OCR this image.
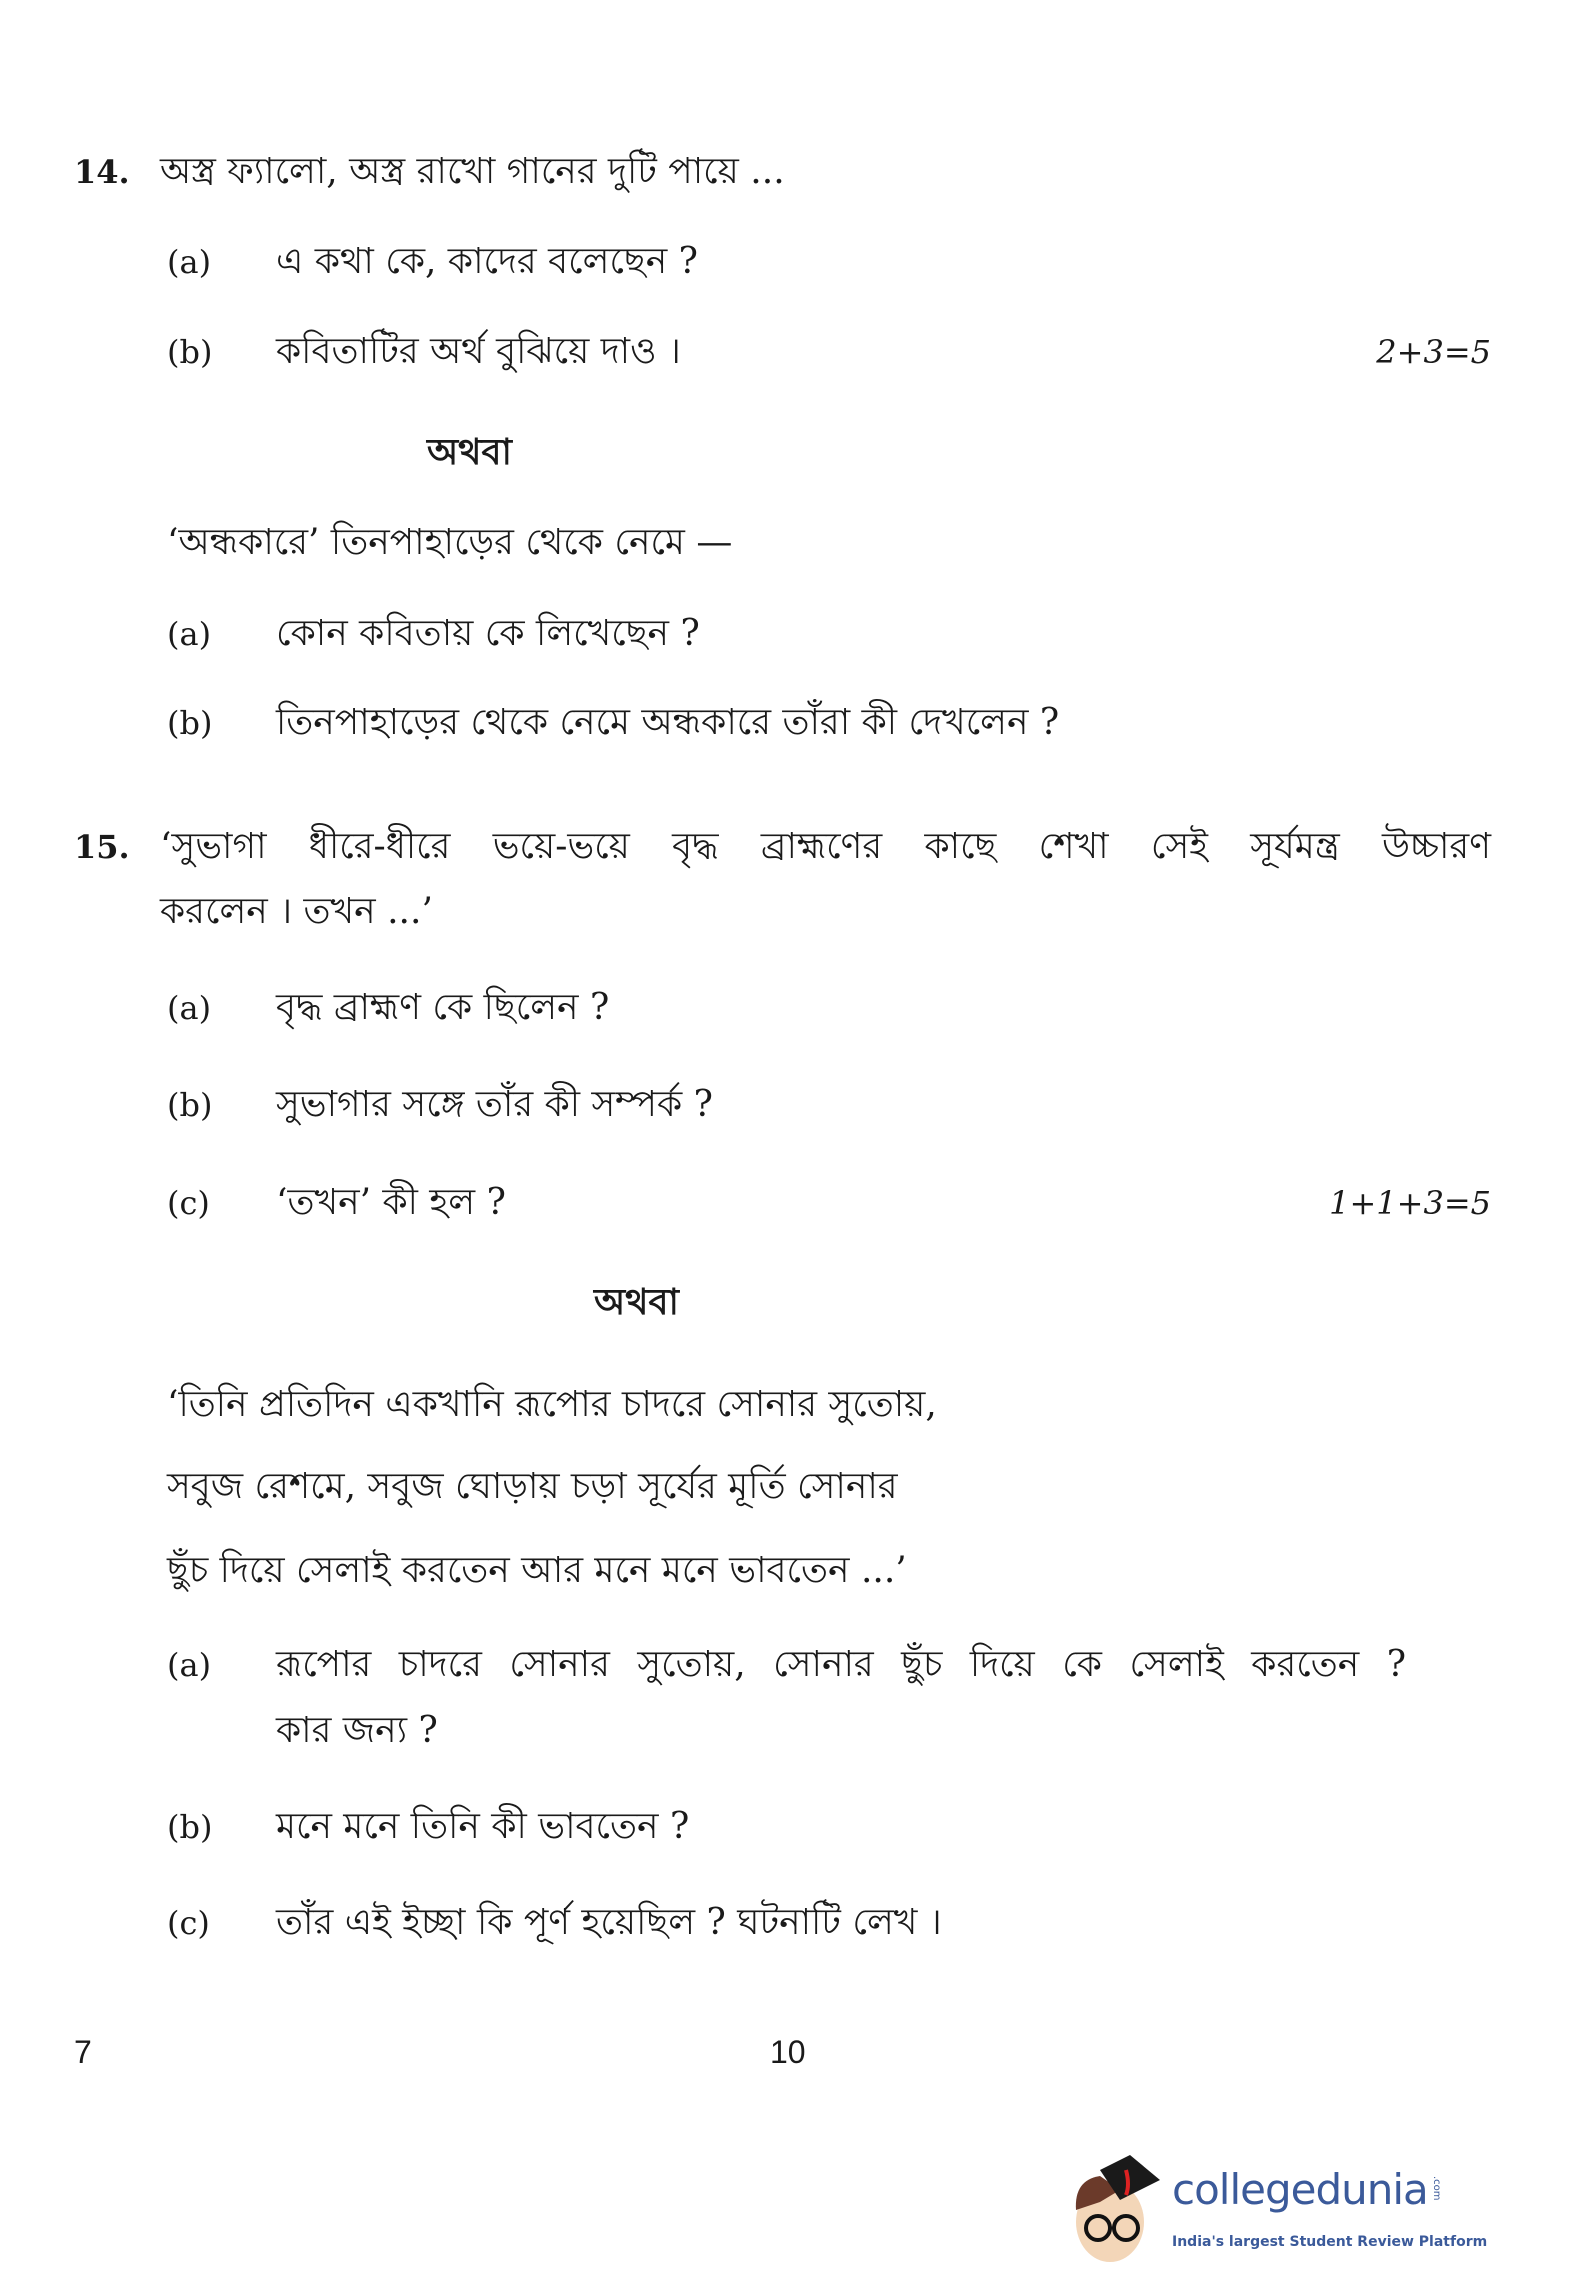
14. অস্ত্র ফ্যালো, অস্ত্র রাখো গানের দুটি পায়ে ...
(a)	এ কথা কে, কাদের বলেছেন ?
(b)	কবিতাটির অর্থ বুঝিয়ে দাও ।	2+3=5
অথবা
‘অন্ধকারে’ তিনপাহাড়ের থেকে নেমে —
(a)	কোন কবিতায় কে লিখেছেন ?
(b)	তিনপাহাড়ের থেকে নেমে অন্ধকারে তাঁরা কী দেখলেন ?
15. ‘সুভাগা ধীরে-ধীরে ভয়ে-ভয়ে বৃদ্ধ ব্রাহ্মণের কাছে শেখা সেই সূর্যমন্ত্র উচ্চারণ
করলেন । তখন ...’
(a)	বৃদ্ধ ব্রাহ্মণ কে ছিলেন ?
(b)	সুভাগার সঙ্গে তাঁর কী সম্পর্ক ?
(c)	‘তখন’ কী হল ?	1+1+3=5
অথবা
‘তিনি প্রতিদিন একখানি রূপোর চাদরে সোনার সুতোয়,
সবুজ রেশমে, সবুজ ঘোড়ায় চড়া সূর্যের মূর্তি সোনার
ছুঁচ দিয়ে সেলাই করতেন আর মনে মনে ভাবতেন ...’
(a)	রূপোর চাদরে সোনার সুতোয়, সোনার ছুঁচ দিয়ে কে সেলাই করতেন ?
কার জন্য ?
(b)	মনে মনে তিনি কী ভাবতেন ?
(c)	তাঁর এই ইচ্ছা কি পূর্ণ হয়েছিল ? ঘটনাটি লেখ ।
7	10
collegedunia .com
India's largest Student Review Platform
